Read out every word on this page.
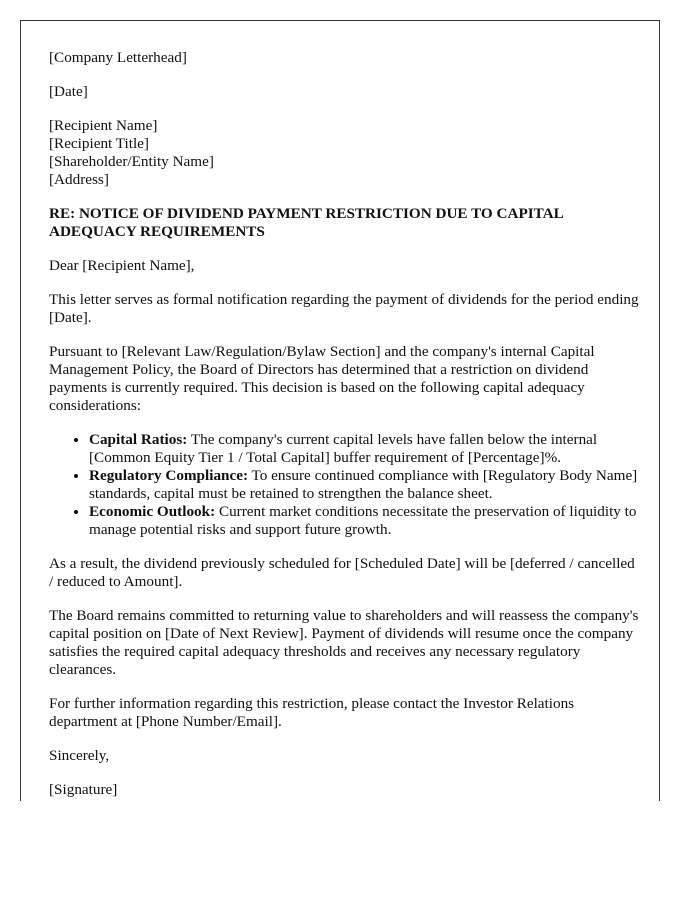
[Company Letterhead]

[Date]

[Recipient Name]

[Recipient Title]

[Shareholder/Entity Name]

[Address]

RE: NOTICE OF DIVIDEND PAYMENT RESTRICTION DUE TO CAPITAL ADEQUACY REQUIREMENTS

Dear [Recipient Name],

This letter serves as formal notification regarding the payment of dividends for the period ending [Date].

Pursuant to [Relevant Law/Regulation/Bylaw Section] and the company's internal Capital Management Policy, the Board of Directors has determined that a restriction on dividend payments is currently required. This decision is based on the following capital adequacy considerations:

• Capital Ratios: The company's current capital levels have fallen below the internal [Common Equity Tier 1 / Total Capital] buffer requirement of [Percentage]%.
• Regulatory Compliance: To ensure continued compliance with [Regulatory Body Name] standards, capital must be retained to strengthen the balance sheet.
• Economic Outlook: Current market conditions necessitate the preservation of liquidity to manage potential risks and support future growth.

As a result, the dividend previously scheduled for [Scheduled Date] will be [deferred / cancelled / reduced to Amount].

The Board remains committed to returning value to shareholders and will reassess the company's capital position on [Date of Next Review]. Payment of dividends will resume once the company satisfies the required capital adequacy thresholds and receives any necessary regulatory clearances.

For further information regarding this restriction, please contact the Investor Relations department at [Phone Number/Email].

Sincerely,

[Signature]
